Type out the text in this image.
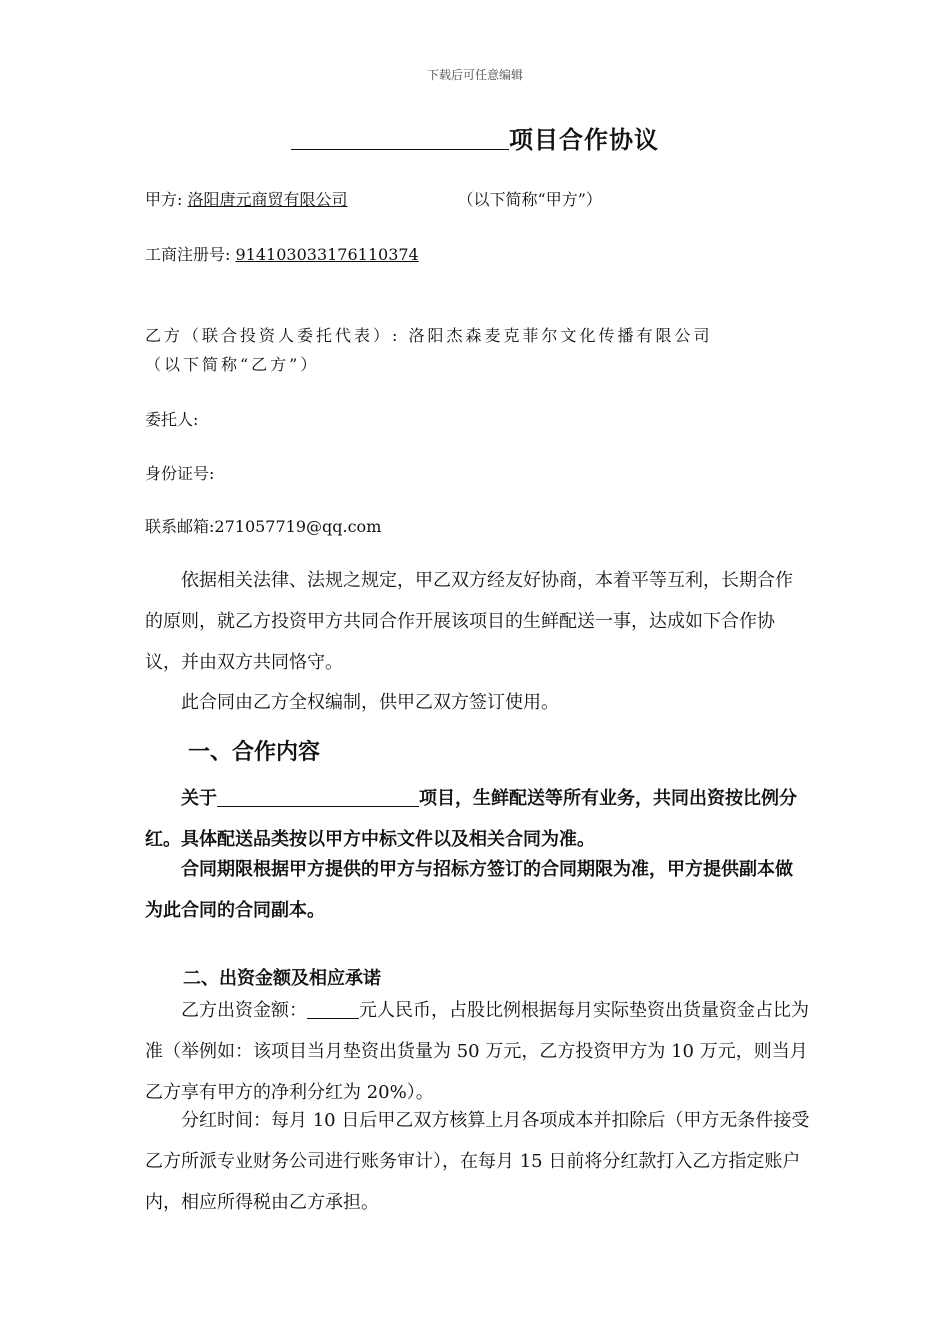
下载后可任意编辑
项目合作协议
甲方: 洛阳唐元商贸有限公司	（以下简称“甲方”）
工商注册号: 914103033176110374
乙方（联合投资人委托代表）: 洛阳杰森麦克菲尔文化传播有限公司
（以下简称“乙方”）
委托人:
身份证号:
联系邮箱:271057719@qq.com
依据相关法律、法规之规定，甲乙双方经友好协商，本着平等互利，长期合作的原则，就乙方投资甲方共同合作开展该项目的生鲜配送一事，达成如下合作协议，并由双方共同恪守。
此合同由乙方全权编制，供甲乙双方签订使用。
一、合作内容
关于	项目，生鲜配送等所有业务，共同出资按比例分红。具体配送品类按以甲方中标文件以及相关合同为准。
合同期限根据甲方提供的甲方与招标方签订的合同期限为准，甲方提供副本做为此合同的合同副本。
二、出资金额及相应承诺
乙方出资金额：	元人民币，占股比例根据每月实际垫资出货量资金占比为准（举例如：该项目当月垫资出货量为 50 万元，乙方投资甲方为 10 万元，则当月乙方享有甲方的净利分红为 20%）。
分红时间：每月 10 日后甲乙双方核算上月各项成本并扣除后（甲方无条件接受乙方所派专业财务公司进行账务审计），在每月 15 日前将分红款打入乙方指定账户内，相应所得税由乙方承担。
